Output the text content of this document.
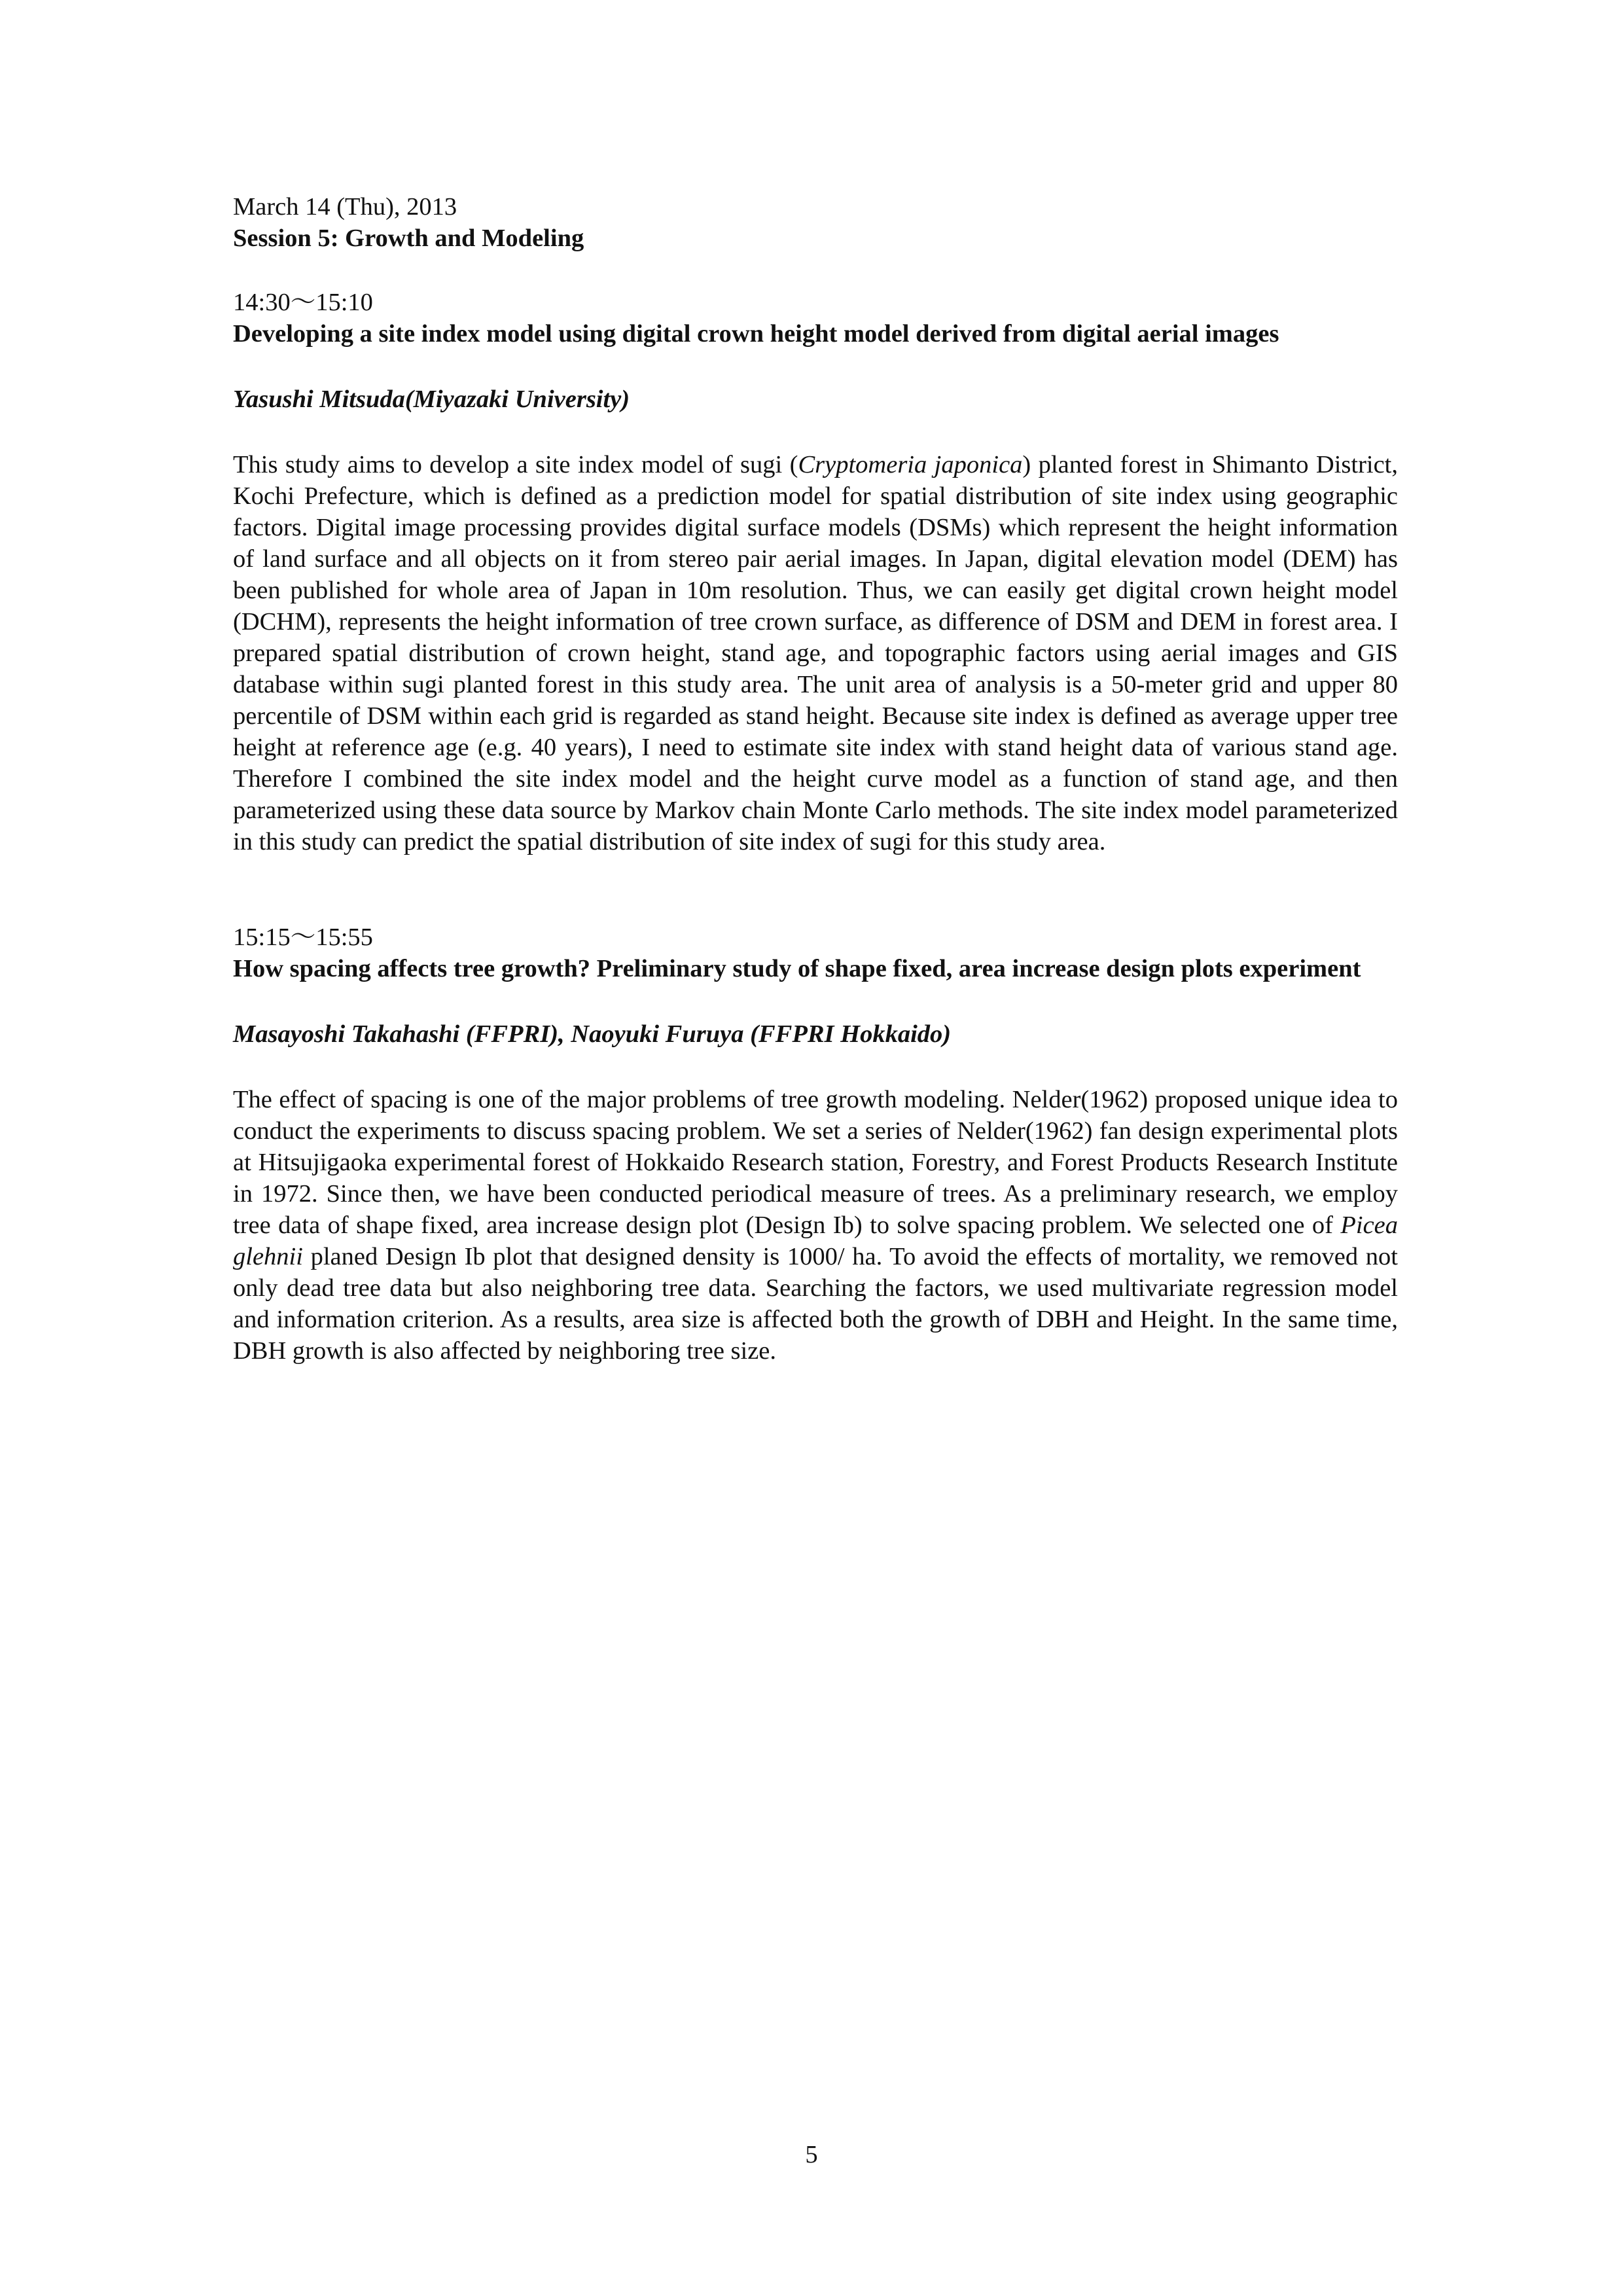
March 14 (Thu), 2013
Session 5: Growth and Modeling
14:30～15:10
Developing a site index model using digital crown height model derived from digital aerial images
Yasushi Mitsuda(Miyazaki University)

This study aims to develop a site index model of sugi (Cryptomeria japonica) planted forest in Shimanto District, Kochi Prefecture, which is defined as a prediction model for spatial distribution of site index using geographic factors. Digital image processing provides digital surface models (DSMs) which represent the height information of land surface and all objects on it from stereo pair aerial images. In Japan, digital elevation model (DEM) has been published for whole area of Japan in 10m resolution. Thus, we can easily get digital crown height model (DCHM), represents the height information of tree crown surface, as difference of DSM and DEM in forest area. I prepared spatial distribution of crown height, stand age, and topographic factors using aerial images and GIS database within sugi planted forest in this study area. The unit area of analysis is a 50-meter grid and upper 80 percentile of DSM within each grid is regarded as stand height. Because site index is defined as average upper tree height at reference age (e.g. 40 years), I need to estimate site index with stand height data of various stand age. Therefore I combined the site index model and the height curve model as a function of stand age, and then parameterized using these data source by Markov chain Monte Carlo methods. The site index model parameterized in this study can predict the spatial distribution of site index of sugi for this study area.

15:15～15:55

How spacing affects tree growth? Preliminary study of shape fixed, area increase design plots experiment

Masayoshi Takahashi (FFPRI), Naoyuki Furuya (FFPRI Hokkaido)

The effect of spacing is one of the major problems of tree growth modeling. Nelder(1962) proposed unique idea to conduct the experiments to discuss spacing problem. We set a series of Nelder(1962) fan design experimental plots at Hitsujigaoka experimental forest of Hokkaido Research station, Forestry, and Forest Products Research Institute in 1972. Since then, we have been conducted periodical measure of trees. As a preliminary research, we employ tree data of shape fixed, area increase design plot (Design Ib) to solve spacing problem. We selected one of Picea glehnii planed Design Ib plot that designed density is 1000/ ha. To avoid the effects of mortality, we removed not only dead tree data but also neighboring tree data. Searching the factors, we used multivariate regression model and information criterion. As a results, area size is affected both the growth of DBH and Height. In the same time, DBH growth is also affected by neighboring tree size.

5
